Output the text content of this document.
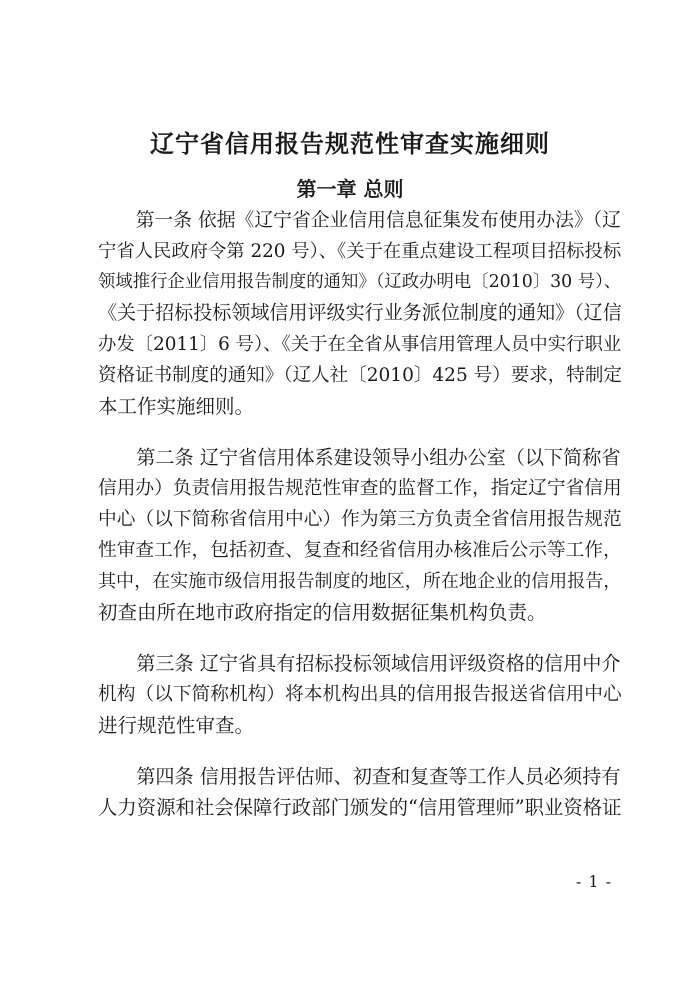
辽宁省信用报告规范性审查实施细则
第一章 总则

第一条 依据《辽宁省企业信用信息征集发布使用办法》（辽
宁省人民政府令第 220 号）、《关于在重点建设工程项目招标投标
领域推行企业信用报告制度的通知》（辽政办明电〔2010〕30 号）、
《关于招标投标领域信用评级实行业务派位制度的通知》（辽信
办发〔2011〕6 号）、《关于在全省从事信用管理人员中实行职业
资格证书制度的通知》（辽人社〔2010〕425 号）要求，特制定
本工作实施细则。

第二条 辽宁省信用体系建设领导小组办公室（以下简称省
信用办）负责信用报告规范性审查的监督工作，指定辽宁省信用
中心（以下简称省信用中心）作为第三方负责全省信用报告规范
性审查工作，包括初查、复查和经省信用办核准后公示等工作，
其中，在实施市级信用报告制度的地区，所在地企业的信用报告，
初查由所在地市政府指定的信用数据征集机构负责。

第三条 辽宁省具有招标投标领域信用评级资格的信用中介
机构（以下简称机构）将本机构出具的信用报告报送省信用中心
进行规范性审查。

第四条 信用报告评估师、初查和复查等工作人员必须持有
人力资源和社会保障行政部门颁发的“信用管理师”职业资格证

- 1 -
